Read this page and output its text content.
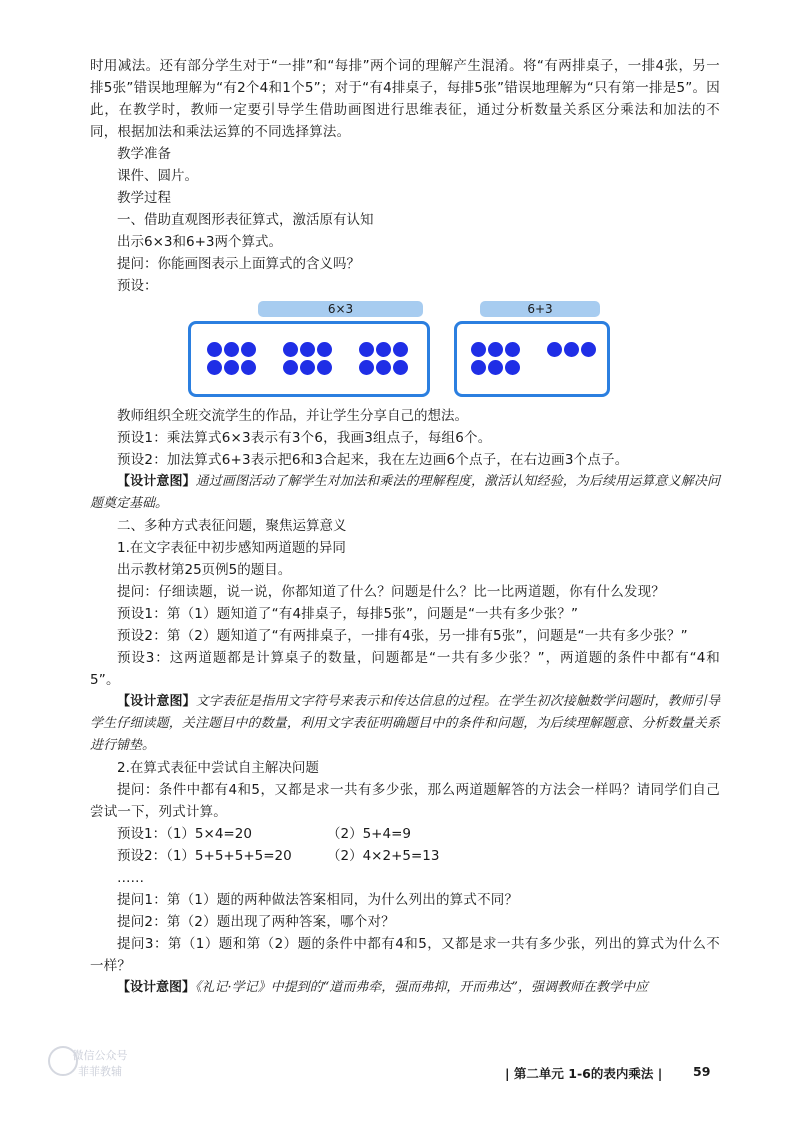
时用减法。还有部分学生对于“一排”和“每排”两个词的理解产生混淆。将“有两排桌子，一排4张，另一排5张”错误地理解为“有2个4和1个5”；对于“有4排桌子，每排5张”错误地理解为“只有第一排是5”。因此，在教学时，教师一定要引导学生借助画图进行思维表征，通过分析数量关系区分乘法和加法的不同，根据加法和乘法运算的不同选择算法。

教学准备

课件、圆片。

教学过程

一、借助直观图形表征算式，激活原有认知

出示6×3和6+3两个算式。

提问：你能画图表示上面算式的含义吗？

预设：

6×3	6+3

教师组织全班交流学生的作品，并让学生分享自己的想法。

预设1：乘法算式6×3表示有3个6，我画3组点子，每组6个。

预设2：加法算式6+3表示把6和3合起来，我在左边画6个点子，在右边画3个点子。

【设计意图】通过画图活动了解学生对加法和乘法的理解程度，激活认知经验，为后续用运算意义解决问题奠定基础。

二、多种方式表征问题，聚焦运算意义

1.在文字表征中初步感知两道题的异同

出示教材第25页例5的题目。

提问：仔细读题，说一说，你都知道了什么？问题是什么？比一比两道题，你有什么发现？

预设1：第（1）题知道了“有4排桌子，每排5张”，问题是“一共有多少张？”

预设2：第（2）题知道了“有两排桌子，一排有4张，另一排有5张”，问题是“一共有多少张？”

预设3：这两道题都是计算桌子的数量，问题都是“一共有多少张？”，两道题的条件中都有“4和5”。

【设计意图】文字表征是指用文字符号来表示和传达信息的过程。在学生初次接触数学问题时，教师引导学生仔细读题，关注题目中的数量，利用文字表征明确题目中的条件和问题，为后续理解题意、分析数量关系进行铺垫。

2.在算式表征中尝试自主解决问题

提问：条件中都有4和5，又都是求一共有多少张，那么两道题解答的方法会一样吗？请同学们自己尝试一下，列式计算。

预设1：（1）5×4=20	（2）5+4=9
预设2：（1）5+5+5+5=20	（2）4×2+5=13

……

提问1：第（1）题的两种做法答案相同，为什么列出的算式不同？

提问2：第（2）题出现了两种答案，哪个对？

提问3：第（1）题和第（2）题的条件中都有4和5，又都是求一共有多少张，列出的算式为什么不一样？

【设计意图】《礼记·学记》中提到的“道而弗牵，强而弗抑，开而弗达”，强调教师在教学中应

微信公众号
菲菲教辅	| 第二单元 1-6的表内乘法 | 59
